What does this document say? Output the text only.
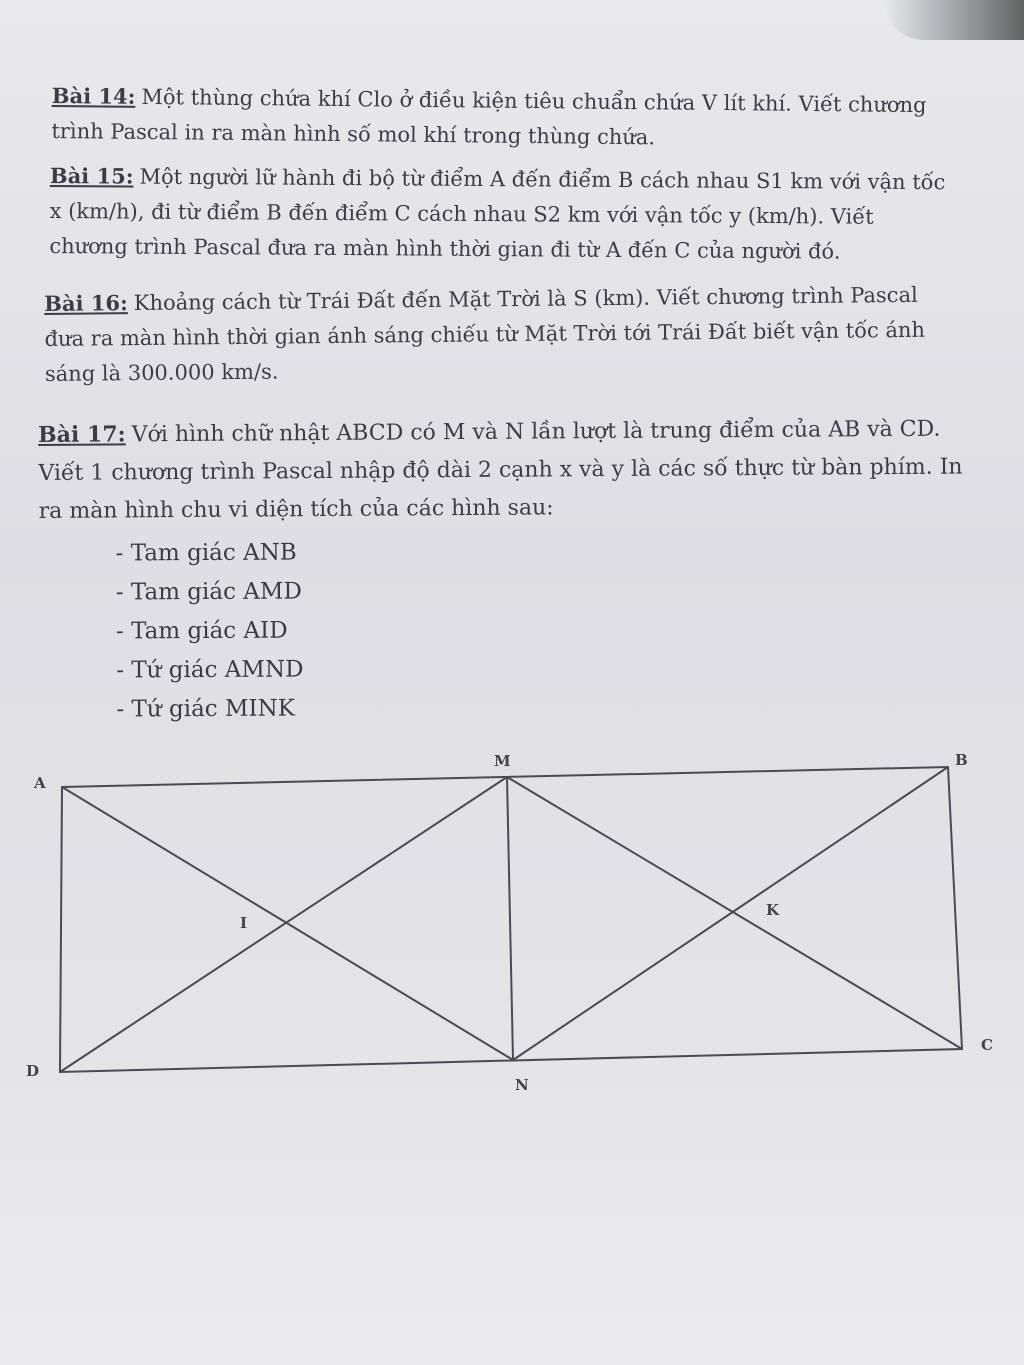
Bài 14: Một thùng chứa khí Clo ở điều kiện tiêu chuẩn chứa V lít khí. Viết chương trình Pascal in ra màn hình số mol khí trong thùng chứa.

Bài 15: Một người lữ hành đi bộ từ điểm A đến điểm B cách nhau S1 km với vận tốc x (km/h), đi từ điểm B đến điểm C cách nhau S2 km với vận tốc y (km/h). Viết chương trình Pascal đưa ra màn hình thời gian đi từ A đến C của người đó.

Bài 16: Khoảng cách từ Trái Đất đến Mặt Trời là S (km). Viết chương trình Pascal đưa ra màn hình thời gian ánh sáng chiếu từ Mặt Trời tới Trái Đất biết vận tốc ánh sáng là 300.000 km/s.

Bài 17: Với hình chữ nhật ABCD có M và N lần lượt là trung điểm của AB và CD. Viết 1 chương trình Pascal nhập độ dài 2 cạnh x và y là các số thực từ bàn phím. In ra màn hình chu vi diện tích của các hình sau:

- Tam giác ANB
- Tam giác AMD
- Tam giác AID
- Tứ giác AMND
- Tứ giác MINK
A
B
C
D
M
N
I
K
